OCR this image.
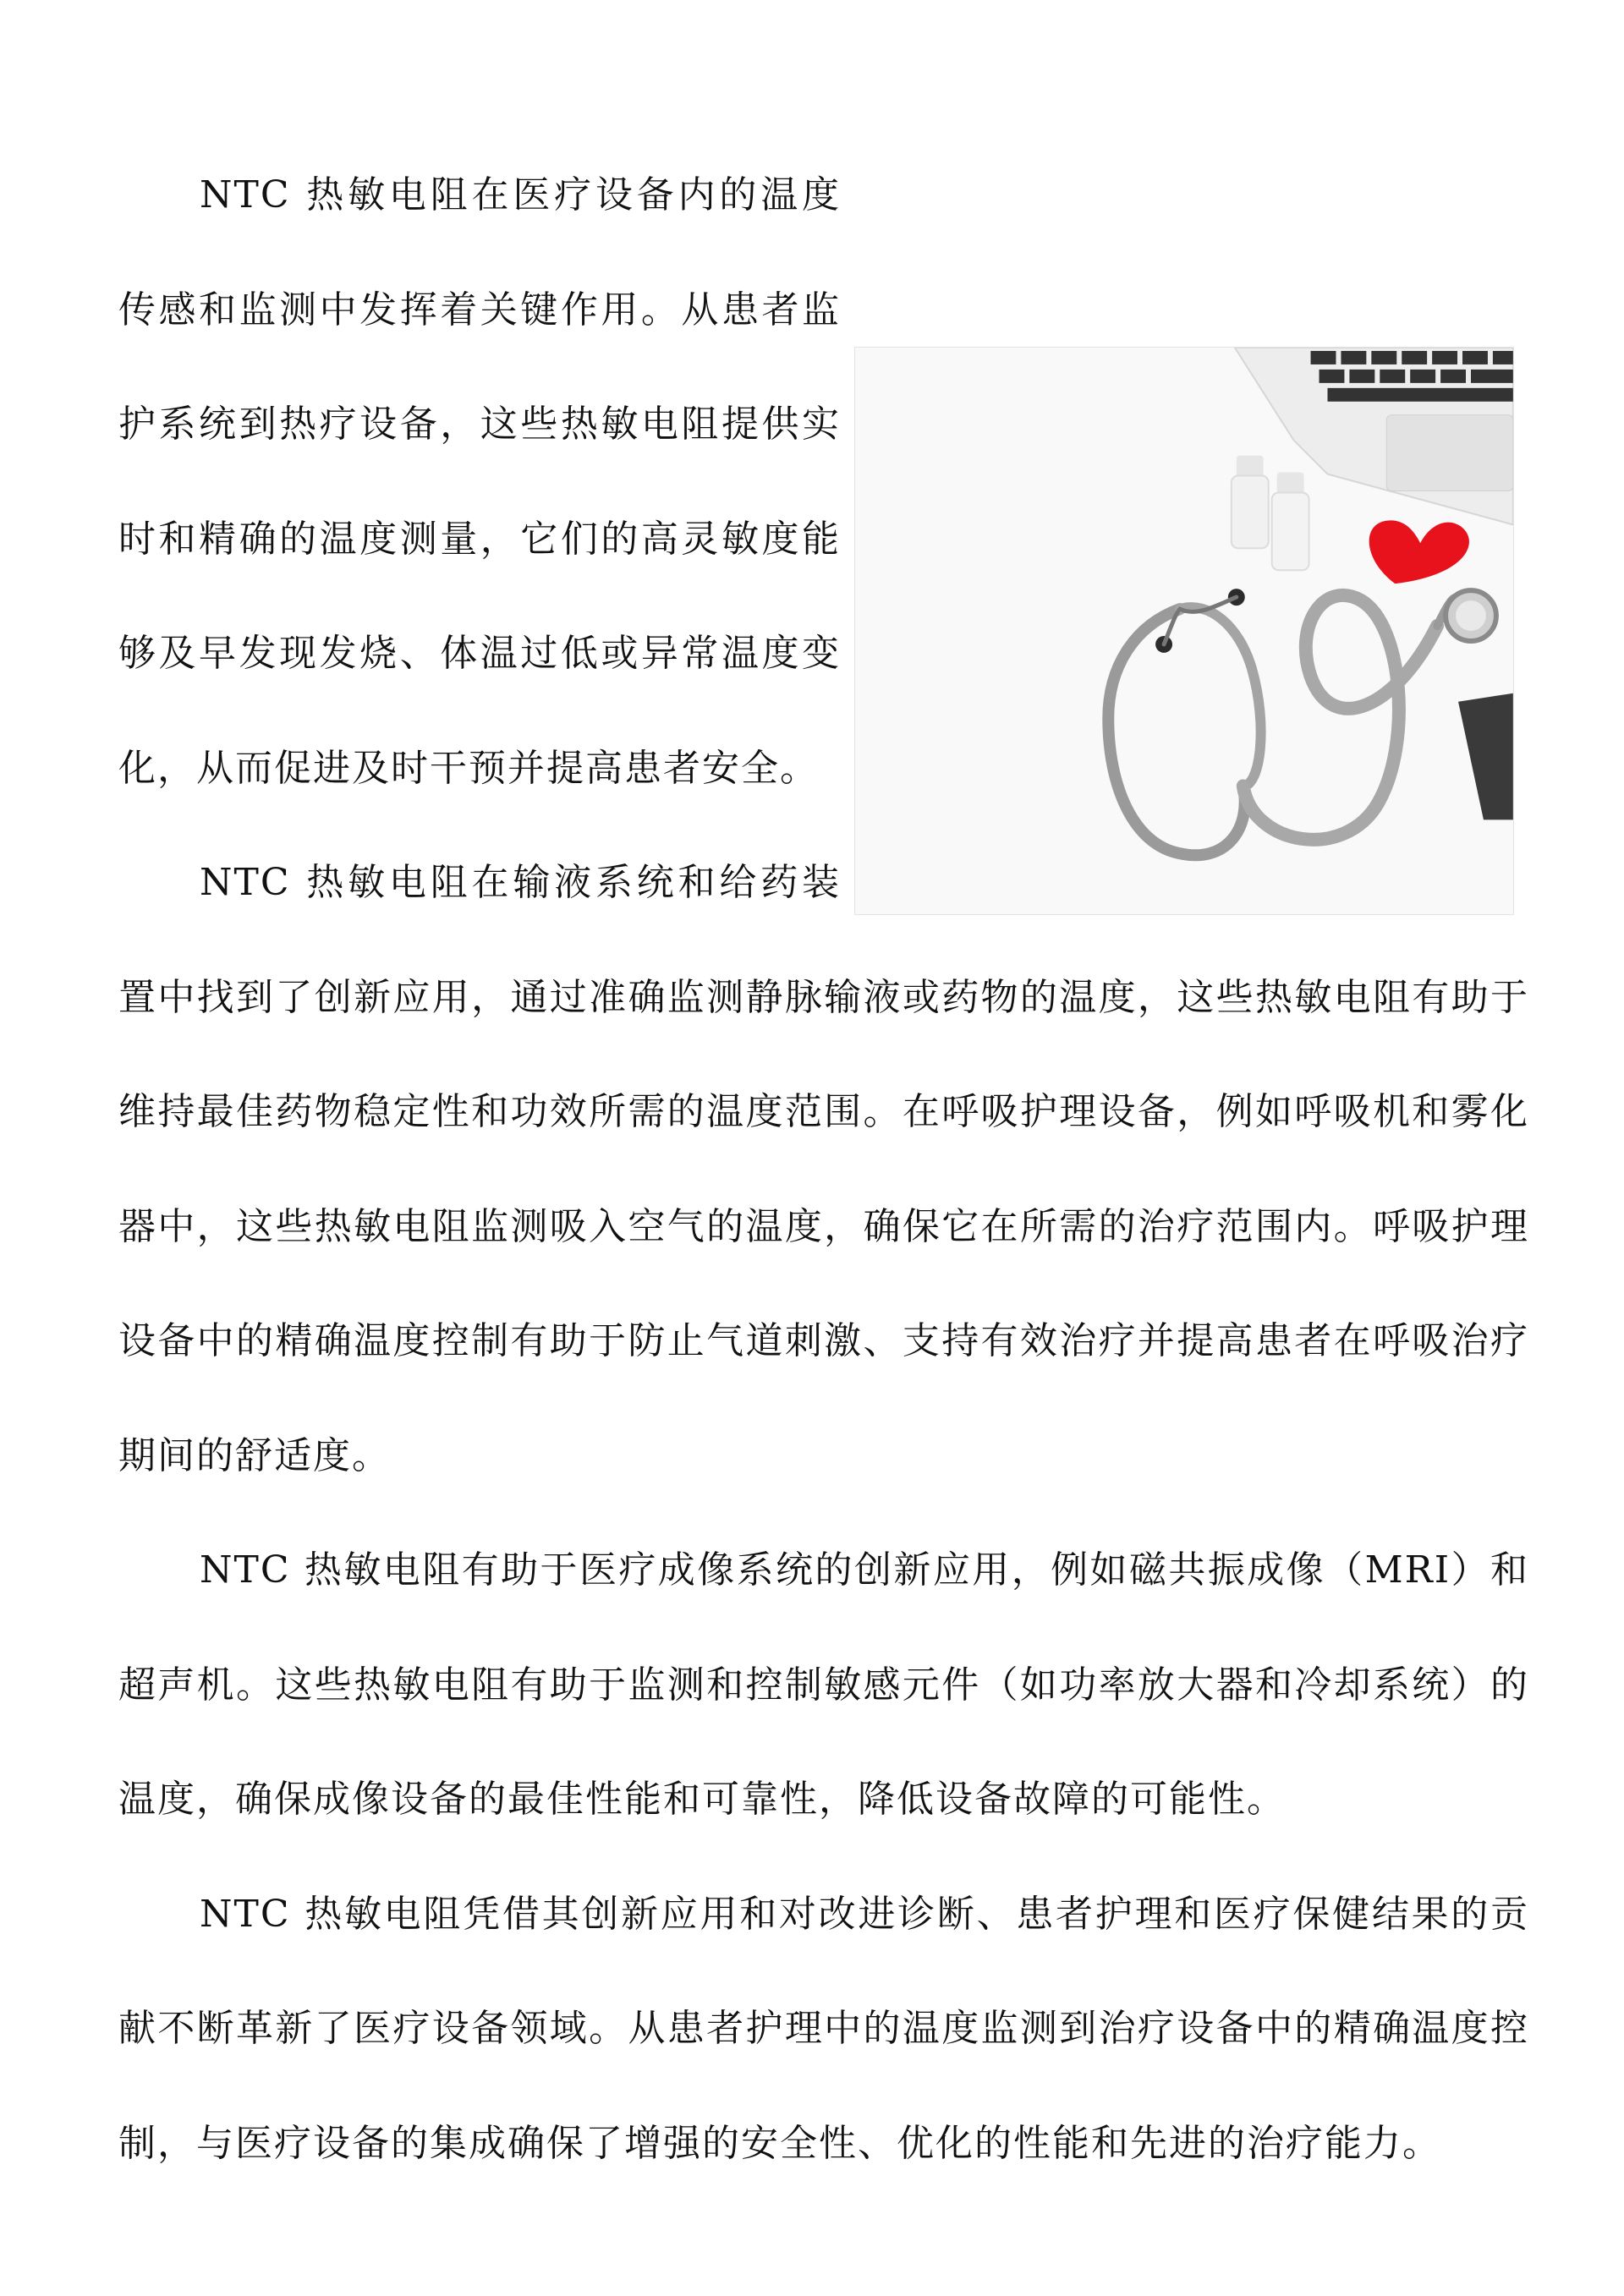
NTC 热敏电阻在医疗设备内的温度传感和监测中发挥着关键作用。从患者监护系统到热疗设备，这些热敏电阻提供实时和精确的温度测量，它们的高灵敏度能够及早发现发烧、体温过低或异常温度变化，从而促进及时干预并提高患者安全。

NTC 热敏电阻在输液系统和给药装置中找到了创新应用，通过准确监测静脉输液或药物的温度，这些热敏电阻有助于维持最佳药物稳定性和功效所需的温度范围。在呼吸护理设备，例如呼吸机和雾化器中，这些热敏电阻监测吸入空气的温度，确保它在所需的治疗范围内。呼吸护理设备中的精确温度控制有助于防止气道刺激、支持有效治疗并提高患者在呼吸治疗期间的舒适度。

NTC 热敏电阻有助于医疗成像系统的创新应用，例如磁共振成像（MRI）和超声机。这些热敏电阻有助于监测和控制敏感元件（如功率放大器和冷却系统）的温度，确保成像设备的最佳性能和可靠性，降低设备故障的可能性。

NTC 热敏电阻凭借其创新应用和对改进诊断、患者护理和医疗保健结果的贡献不断革新了医疗设备领域。从患者护理中的温度监测到治疗设备中的精确温度控制，与医疗设备的集成确保了增强的安全性、优化的性能和先进的治疗能力。
